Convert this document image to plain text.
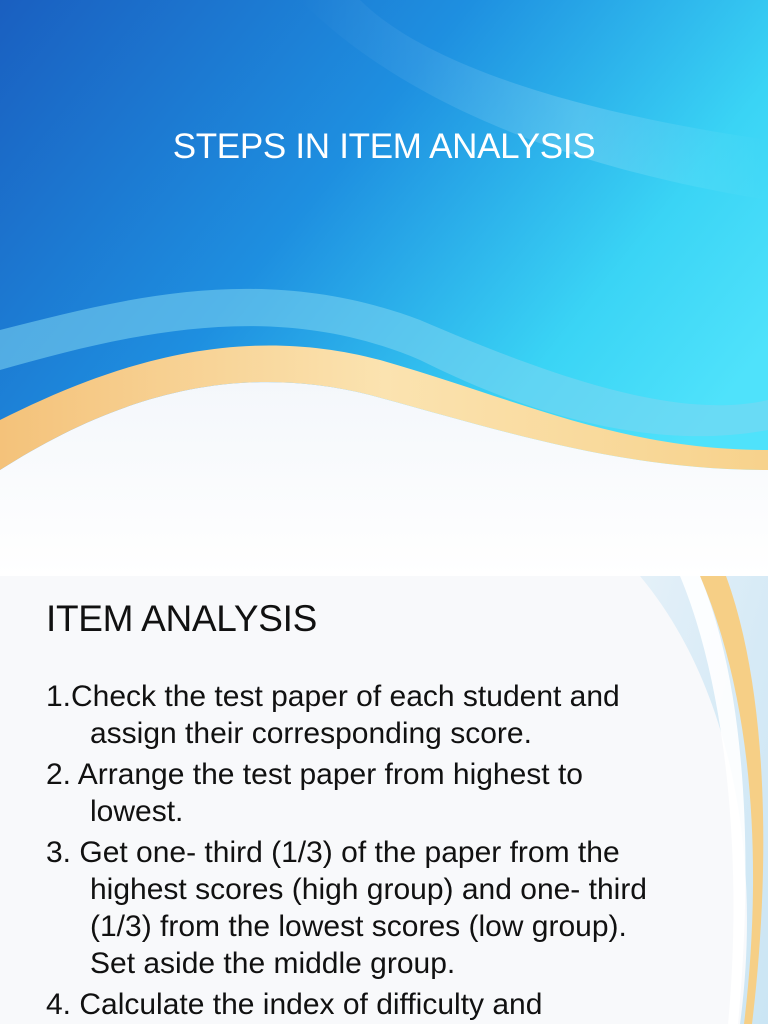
STEPS IN ITEM ANALYSIS
ITEM ANALYSIS
1.Check the test paper of each student and
assign their corresponding score.
2. Arrange the test paper from highest to
lowest.
3. Get one- third (1/3) of the paper from the
highest scores (high group) and one- third
(1/3) from the lowest scores (low group).
Set aside the middle group.
4. Calculate the index of difficulty and
